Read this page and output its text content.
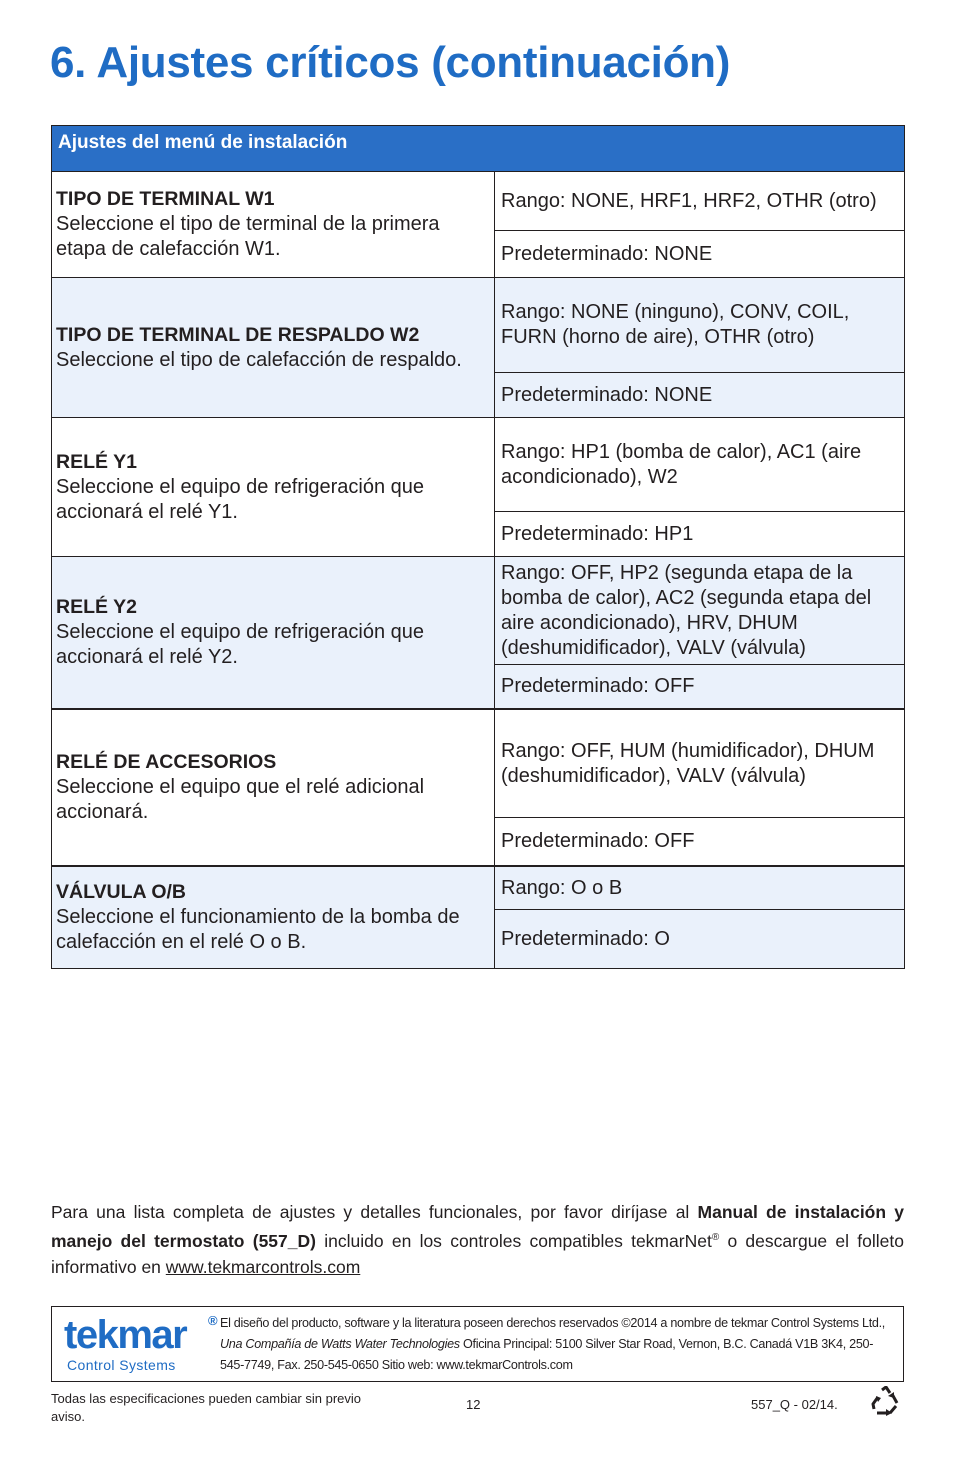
6. Ajustes críticos (continuación)
Ajustes del menú de instalación	

TIPO DE TERMINAL W1
Seleccione el tipo de terminal de la primera etapa de calefacción W1.	Rango: NONE, HRF1, HRF2, OTHR (otro)
	Predeterminado: NONE

TIPO DE TERMINAL DE RESPALDO W2
Seleccione el tipo de calefacción de respaldo.	Rango: NONE (ninguno), CONV, COIL, FURN (horno de aire), OTHR (otro)
	Predeterminado: NONE

RELÉ Y1
Seleccione el equipo de refrigeración que accionará el relé Y1.	Rango: HP1 (bomba de calor), AC1 (aire acondicionado), W2
	Predeterminado: HP1

RELÉ Y2
Seleccione el equipo de refrigeración que accionará el relé Y2.	Rango: OFF, HP2 (segunda etapa de la bomba de calor), AC2 (segunda etapa del aire acondicionado), HRV, DHUM (deshumidificador), VALV (válvula)
	Predeterminado: OFF

RELÉ DE ACCESORIOS
Seleccione el equipo que el relé adicional accionará.	Rango: OFF, HUM (humidificador), DHUM (deshumidificador), VALV (válvula)
	Predeterminado: OFF

VÁLVULA O/B
Seleccione el funcionamiento de la bomba de calefacción en el relé O o B.	Rango: O o B
	Predeterminado: O

Para una lista completa de ajustes y detalles funcionales, por favor diríjase al Manual de instalación y manejo del termostato (557_D) incluido en los controles compatibles tekmarNet® o descargue el folleto informativo en www.tekmarcontrols.com

tekmar ®
Control Systems
El diseño del producto, software y la literatura poseen derechos reservados ©2014 a nombre de tekmar Control Systems Ltd., Una Compañía de Watts Water Technologies Oficina Principal: 5100 Silver Star Road, Vernon, B.C. Canadá V1B 3K4, 250-545-7749, Fax. 250-545-0650 Sitio web: www.tekmarControls.com
Todas las especificaciones pueden cambiar sin previo aviso.
12	557_Q - 02/14.
